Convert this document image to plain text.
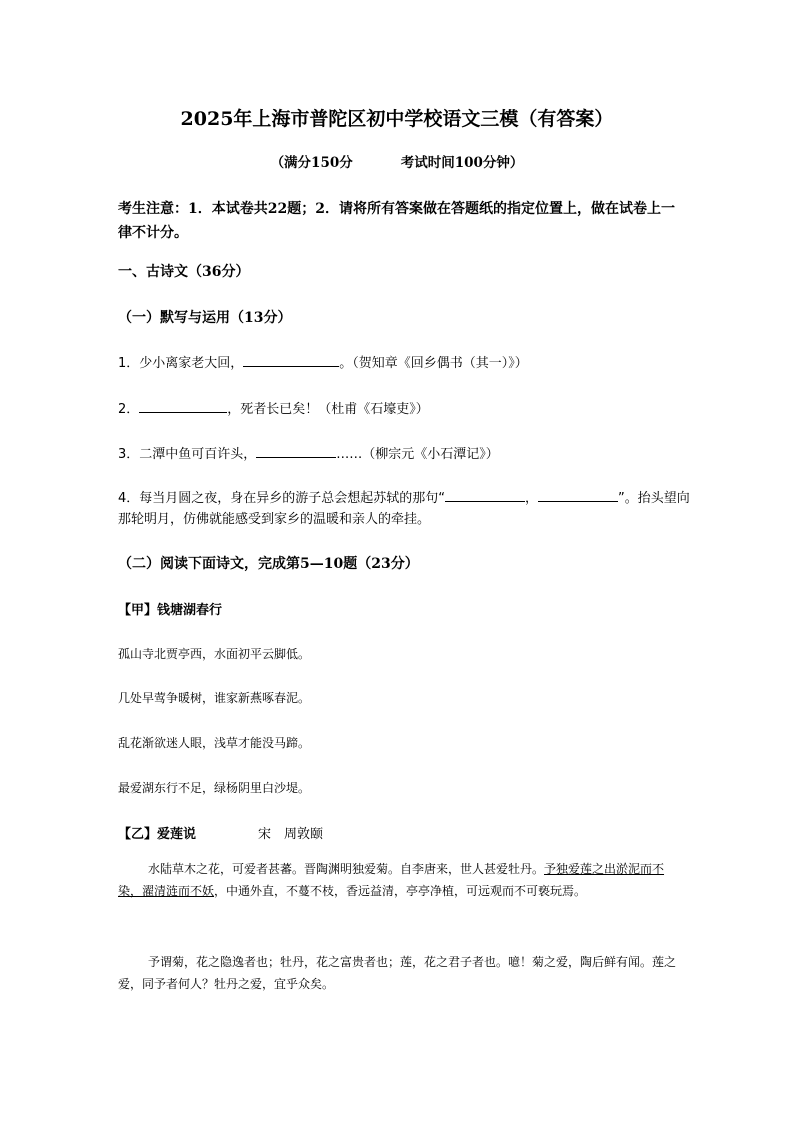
2025年上海市普陀区初中学校语文三模（有答案）
（满分150分	考试时间100分钟）
考生注意：1．本试卷共22题；2．请将所有答案做在答题纸的指定位置上，做在试卷上一律不计分。
一、古诗文（36分）
（一）默写与运用（13分）
1．少小离家老大回，	。（贺知章《回乡偶书（其一）》）
2．	，死者长已矣！（杜甫《石壕吏》）
3．二潭中鱼可百许头，	……（柳宗元《小石潭记》）
4．每当月圆之夜，身在异乡的游子总会想起苏轼的那句“	，	”。抬头望向那轮明月，仿佛就能感受到家乡的温暖和亲人的牵挂。
（二）阅读下面诗文，完成第5—10题（23分）
【甲】钱塘湖春行
孤山寺北贾亭西，水面初平云脚低。
几处早莺争暖树，谁家新燕啄春泥。
乱花渐欲迷人眼，浅草才能没马蹄。
最爱湖东行不足，绿杨阴里白沙堤。
【乙】爱莲说	宋　周敦颐
水陆草木之花，可爱者甚蕃。晋陶渊明独爱菊。自李唐来，世人甚爱牡丹。予独爱莲之出淤泥而不染，濯清涟而不妖，中通外直，不蔓不枝，香远益清，亭亭净植，可远观而不可亵玩焉。
予谓菊，花之隐逸者也；牡丹，花之富贵者也；莲，花之君子者也。噫！菊之爱，陶后鲜有闻。莲之爱，同予者何人？牡丹之爱，宜乎众矣。
